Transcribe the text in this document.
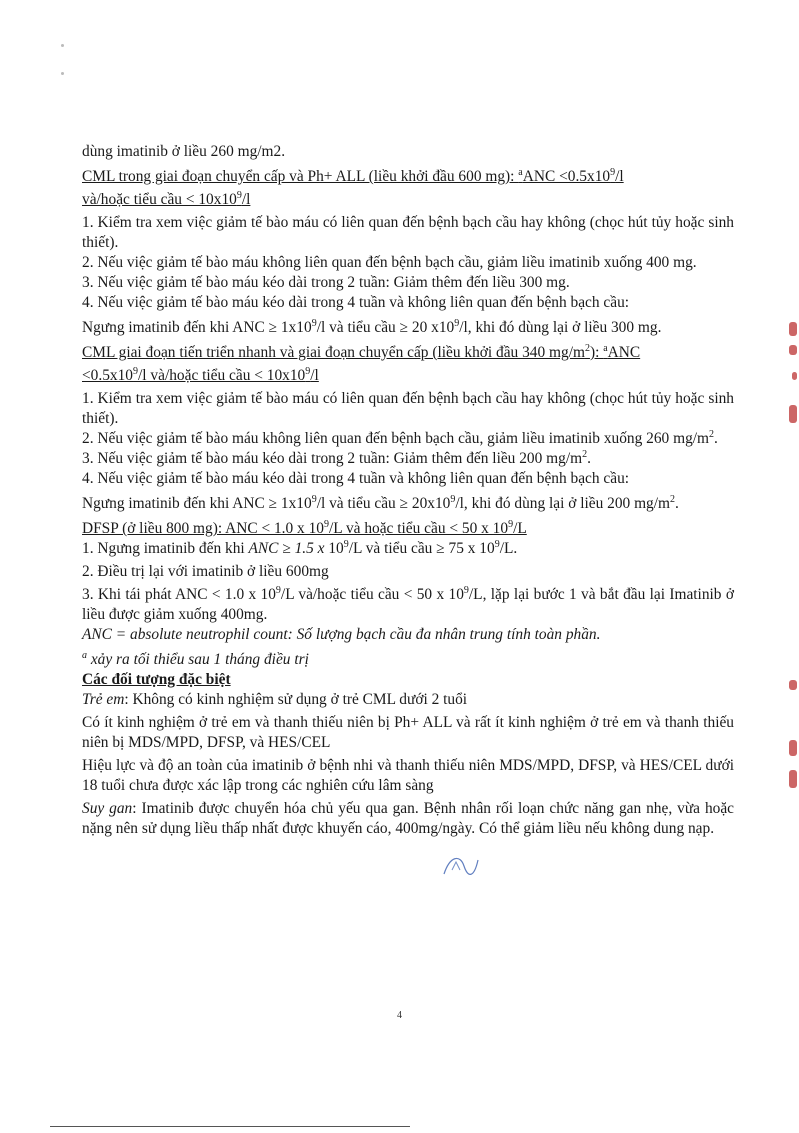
dùng imatinib ở liều 260 mg/m2.

CML trong giai đoạn chuyển cấp và Ph+ ALL (liều khởi đầu 600 mg): $^aANC <0.5x10^9/l$

và/hoặc tiểu cầu < $10x10^9/l$

1. Kiểm tra xem việc giảm tế bào máu có liên quan đến bệnh bạch cầu hay không (chọc hút tủy hoặc sinh thiết).

2. Nếu việc giảm tế bào máu không liên quan đến bệnh bạch cầu, giảm liều imatinib xuống 400 mg.

3. Nếu việc giảm tế bào máu kéo dài trong 2 tuần: Giảm thêm đến liều 300 mg.

4. Nếu việc giảm tế bào máu kéo dài trong 4 tuần và không liên quan đến bệnh bạch cầu:

Ngưng imatinib đến khi ANC ≥ $1x10^9/l$ và tiểu cầu ≥ 20 $x10^9/l$, khi đó dùng lại ở liều 300 mg.

CML giai đoạn tiến triển nhanh và giai đoạn chuyển cấp (liều khởi đầu 340 $mg/m^2$): $^a$ANC

$<0.5x10^9/l$ và/hoặc tiểu cầu < $10x10^9/l$

1. Kiểm tra xem việc giảm tế bào máu có liên quan đến bệnh bạch cầu hay không (chọc hút tủy hoặc sinh thiết).

2. Nếu việc giảm tế bào máu không liên quan đến bệnh bạch cầu, giảm liều imatinib xuống 260 $mg/m^2$.

3. Nếu việc giảm tế bào máu kéo dài trong 2 tuần: Giảm thêm đến liều 200 $mg/m^2$.

4. Nếu việc giảm tế bào máu kéo dài trong 4 tuần và không liên quan đến bệnh bạch cầu:

Ngưng imatinib đến khi ANC ≥ $1x10^9/l$ và tiểu cầu ≥ $20x10^9/l$, khi đó dùng lại ở liều 200 $mg/m^2$.

DFSP (ở liều 800 mg): ANC < 1.0 x $10^9/L$ và hoặc tiểu cầu < 50 x $10^9/L$

1. Ngưng imatinib đến khi ANC ≥ 1.5 x $10^9/L$ và tiểu cầu ≥ 75 x $10^9/L$.

2. Điều trị lại với imatinib ở liều 600mg

3. Khi tái phát ANC < 1.0 x $10^9/L$ và/hoặc tiểu cầu < 50 x $10^9/L$, lặp lại bước 1 và bắt đầu lại Imatinib ở liều được giảm xuống 400mg.

ANC = absolute neutrophil count: Số lượng bạch cầu đa nhân trung tính toàn phần.

$^a$ xảy ra tối thiểu sau 1 tháng điều trị

Các đối tượng đặc biệt

Trẻ em: Không có kinh nghiệm sử dụng ở trẻ CML dưới 2 tuổi

Có ít kinh nghiệm ở trẻ em và thanh thiếu niên bị Ph+ ALL và rất ít kinh nghiệm ở trẻ em và thanh thiếu niên bị MDS/MPD, DFSP, và HES/CEL

Hiệu lực và độ an toàn của imatinib ở bệnh nhi và thanh thiếu niên MDS/MPD, DFSP, và HES/CEL dưới 18 tuổi chưa được xác lập trong các nghiên cứu lâm sàng

Suy gan: Imatinib được chuyển hóa chủ yếu qua gan. Bệnh nhân rối loạn chức năng gan nhẹ, vừa hoặc nặng nên sử dụng liều thấp nhất được khuyến cáo, 400mg/ngày. Có thể giảm liều nếu không dung nạp.

4
